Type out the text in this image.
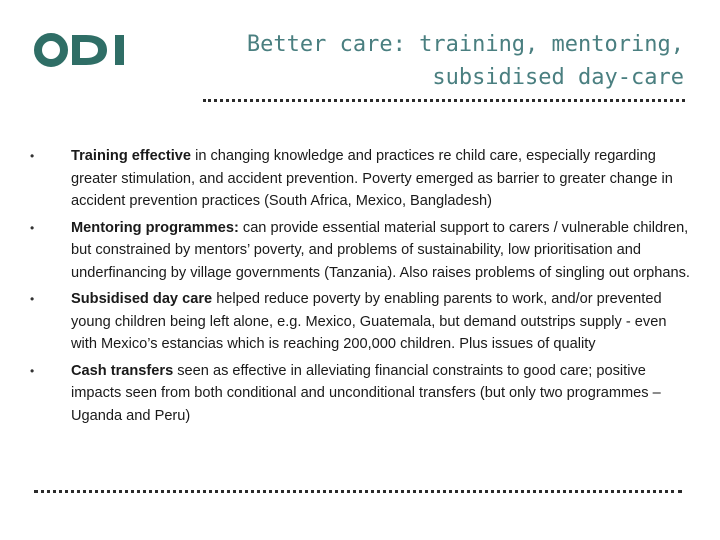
Better care: training, mentoring,
subsidised day-care
•	Training effective in changing knowledge and practices re child care, especially regarding greater stimulation, and accident prevention. Poverty emerged as barrier to greater change in accident prevention practices (South Africa, Mexico, Bangladesh)
•	Mentoring programmes: can provide essential material support to carers / vulnerable children, but constrained by mentors’ poverty, and problems of sustainability, low prioritisation and underfinancing by village governments (Tanzania). Also raises problems of singling out orphans.
•	Subsidised day care helped reduce poverty by enabling parents to work, and/or prevented young children being left alone, e.g. Mexico, Guatemala, but demand outstrips supply - even with Mexico’s estancias which is reaching 200,000 children. Plus issues of quality
•	Cash transfers seen as effective in alleviating financial constraints to good care; positive impacts seen from both conditional and unconditional transfers (but only two programmes – Uganda and Peru)
